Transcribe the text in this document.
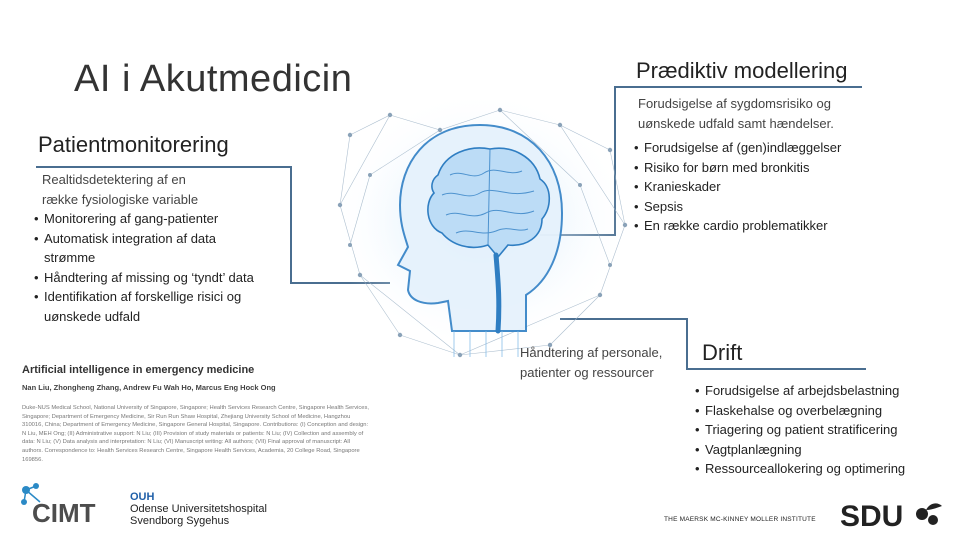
AI i Akutmedicin
Patientmonitorering
Realtidsdetektering af en række fysiologiske variable
• Monitorering af gang-patienter
• Automatisk integration af data strømme
• Håndtering af missing og ‘tyndt’ data
• Identifikation af forskellige risici og uønskede udfald
Prædiktiv modellering
Forudsigelse af sygdomsrisiko og uønskede udfald samt hændelser.
• Forudsigelse af (gen)indlæggelser
• Risiko for børn med bronkitis
• Kranieskader
• Sepsis
• En række cardio problematikker
Håndtering af personale, patienter og ressourcer
Drift
• Forudsigelse af arbejdsbelastning
• Flaskehalse og overbelægning
• Triagering og patient stratificering
• Vagtplanlægning
• Ressourceallokering og optimering
Artificial intelligence in emergency medicine
Nan Liu, Zhongheng Zhang, Andrew Fu Wah Ho, Marcus Eng Hock Ong
Duke-NUS Medical School, National University of Singapore, Singapore; Health Services Research Centre, Singapore Health Services, Singapore; Department of Emergency Medicine, Sir Run Run Shaw Hospital, Zhejiang University School of Medicine, Hangzhou 310016, China; Department of Emergency Medicine, Singapore General Hospital, Singapore. Contributions: (I) Conception and design: N Liu, MEH Ong; (II) Administrative support: N Liu; (III) Provision of study materials or patients: N Liu; (IV) Collection and assembly of data: N Liu; (V) Data analysis and interpretation: N Liu; (VI) Manuscript writing: All authors; (VII) Final approval of manuscript: All authors. Correspondence to: Health Services Research Centre, Singapore Health Services, Academia, 20 College Road, Singapore 169856.
CIMT
OUH
Odense Universitetshospital
Svendborg Sygehus	THE MAERSK MC-KINNEY MOLLER INSTITUTE SDU
